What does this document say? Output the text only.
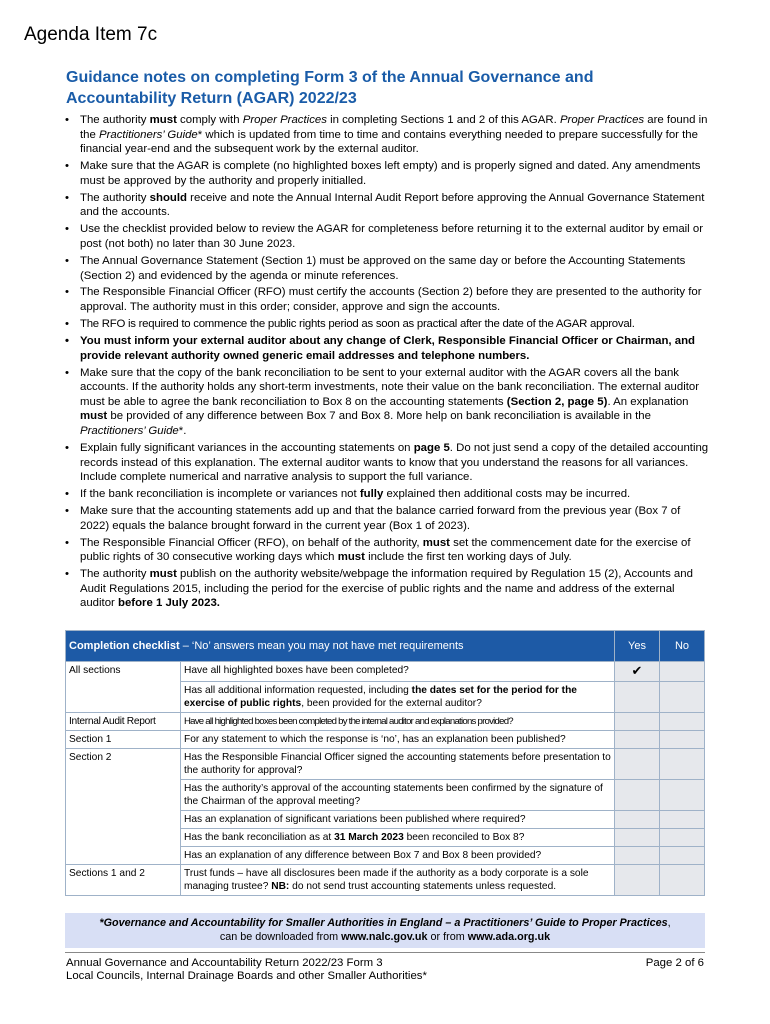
Agenda Item 7c
Guidance notes on completing Form 3 of the Annual Governance and Accountability Return (AGAR) 2022/23
• The authority must comply with Proper Practices in completing Sections 1 and 2 of this AGAR. Proper Practices are found in the Practitioners’ Guide* which is updated from time to time and contains everything needed to prepare successfully for the financial year-end and the subsequent work by the external auditor.
• Make sure that the AGAR is complete (no highlighted boxes left empty) and is properly signed and dated. Any amendments must be approved by the authority and properly initialled.
• The authority should receive and note the Annual Internal Audit Report before approving the Annual Governance Statement and the accounts.
• Use the checklist provided below to review the AGAR for completeness before returning it to the external auditor by email or post (not both) no later than 30 June 2023.
• The Annual Governance Statement (Section 1) must be approved on the same day or before the Accounting Statements (Section 2) and evidenced by the agenda or minute references.
• The Responsible Financial Officer (RFO) must certify the accounts (Section 2) before they are presented to the authority for approval. The authority must in this order; consider, approve and sign the accounts.
• The RFO is required to commence the public rights period as soon as practical after the date of the AGAR approval.
• You must inform your external auditor about any change of Clerk, Responsible Financial Officer or Chairman, and provide relevant authority owned generic email addresses and telephone numbers.
• Make sure that the copy of the bank reconciliation to be sent to your external auditor with the AGAR covers all the bank accounts. If the authority holds any short-term investments, note their value on the bank reconciliation. The external auditor must be able to agree the bank reconciliation to Box 8 on the accounting statements (Section 2, page 5). An explanation must be provided of any difference between Box 7 and Box 8. More help on bank reconciliation is available in the Practitioners’ Guide*.
• Explain fully significant variances in the accounting statements on page 5. Do not just send a copy of the detailed accounting records instead of this explanation. The external auditor wants to know that you understand the reasons for all variances. Include complete numerical and narrative analysis to support the full variance.
• If the bank reconciliation is incomplete or variances not fully explained then additional costs may be incurred.
• Make sure that the accounting statements add up and that the balance carried forward from the previous year (Box 7 of 2022) equals the balance brought forward in the current year (Box 1 of 2023).
• The Responsible Financial Officer (RFO), on behalf of the authority, must set the commencement date for the exercise of public rights of 30 consecutive working days which must include the first ten working days of July.
• The authority must publish on the authority website/webpage the information required by Regulation 15 (2), Accounts and Audit Regulations 2015, including the period for the exercise of public rights and the name and address of the external auditor before 1 July 2023.
Completion checklist – ‘No’ answers mean you may not have met requirements		Yes	No
All sections	Have all highlighted boxes have been completed?	✔	
	Has all additional information requested, including the dates set for the period for the exercise of public rights, been provided for the external auditor?		
Internal Audit Report	Have all highlighted boxes been completed by the internal auditor and explanations provided?		
Section 1	For any statement to which the response is ‘no’, has an explanation been published?		
Section 2	Has the Responsible Financial Officer signed the accounting statements before presentation to the authority for approval?		
	Has the authority’s approval of the accounting statements been confirmed by the signature of the Chairman of the approval meeting?		
	Has an explanation of significant variations been published where required?		
	Has the bank reconciliation as at 31 March 2023 been reconciled to Box 8?		
	Has an explanation of any difference between Box 7 and Box 8 been provided?		
Sections 1 and 2	Trust funds – have all disclosures been made if the authority as a body corporate is a sole managing trustee? NB: do not send trust accounting statements unless requested.		
*Governance and Accountability for Smaller Authorities in England – a Practitioners’ Guide to Proper Practices,
can be downloaded from www.nalc.gov.uk or from www.ada.org.uk
Annual Governance and Accountability Return 2022/23 Form 3
Local Councils, Internal Drainage Boards and other Smaller Authorities*
Page 2 of 6
